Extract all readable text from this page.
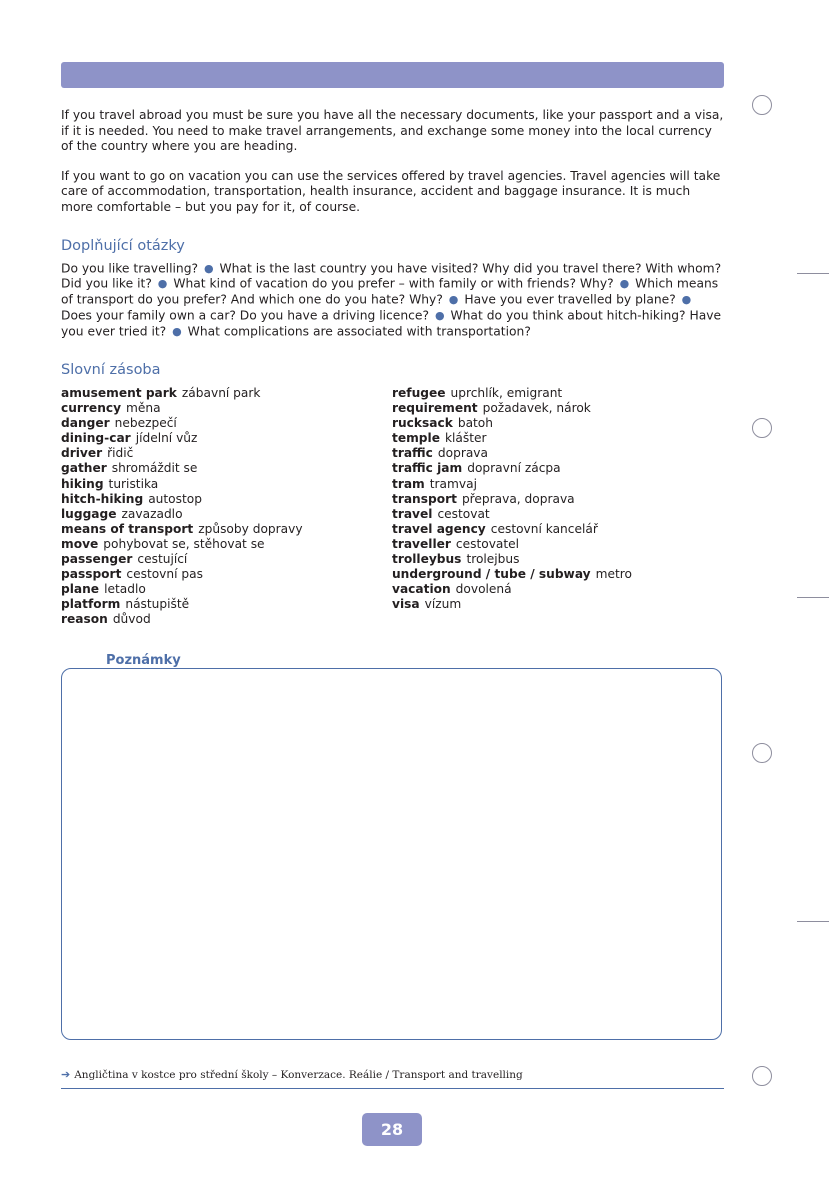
If you travel abroad you must be sure you have all the necessary documents, like your passport and a visa, if it is needed. You need to make travel arrangements, and exchange some money into the local currency of the country where you are heading.

If you want to go on vacation you can use the services offered by travel agencies. Travel agencies will take care of accommodation, transportation, health insurance, accident and baggage insurance. It is much more comfortable – but you pay for it, of course.

Doplňující otázky
Do you like travelling? ● What is the last country you have visited? Why did you travel there? With whom? Did you like it? ● What kind of vacation do you prefer – with family or with friends? Why? ● Which means of transport do you prefer? And which one do you hate? Why? ● Have you ever travelled by plane? ● Does your family own a car? Do you have a driving licence? ● What do you think about hitch-hiking? Have you ever tried it? ● What complications are associated with transportation?
Slovní zásoba
amusement park zábavní park
currency měna
danger nebezpečí
dining-car jídelní vůz
driver řidič
gather shromáždit se
hiking turistika
hitch-hiking autostop
luggage zavazadlo
means of transport způsoby dopravy
move pohybovat se, stěhovat se
passenger cestující
passport cestovní pas
plane letadlo
platform nástupiště
reason důvod
refugee uprchlík, emigrant
requirement požadavek, nárok
rucksack batoh
temple klášter
traffic doprava
traffic jam dopravní zácpa
tram tramvaj
transport přeprava, doprava
travel cestovat
travel agency cestovní kancelář
traveller cestovatel
trolleybus trolejbus
underground / tube / subway metro
vacation dovolená
visa vízum
Poznámky
➔ Angličtina v kostce pro střední školy – Konverzace. Reálie / Transport and travelling
28
